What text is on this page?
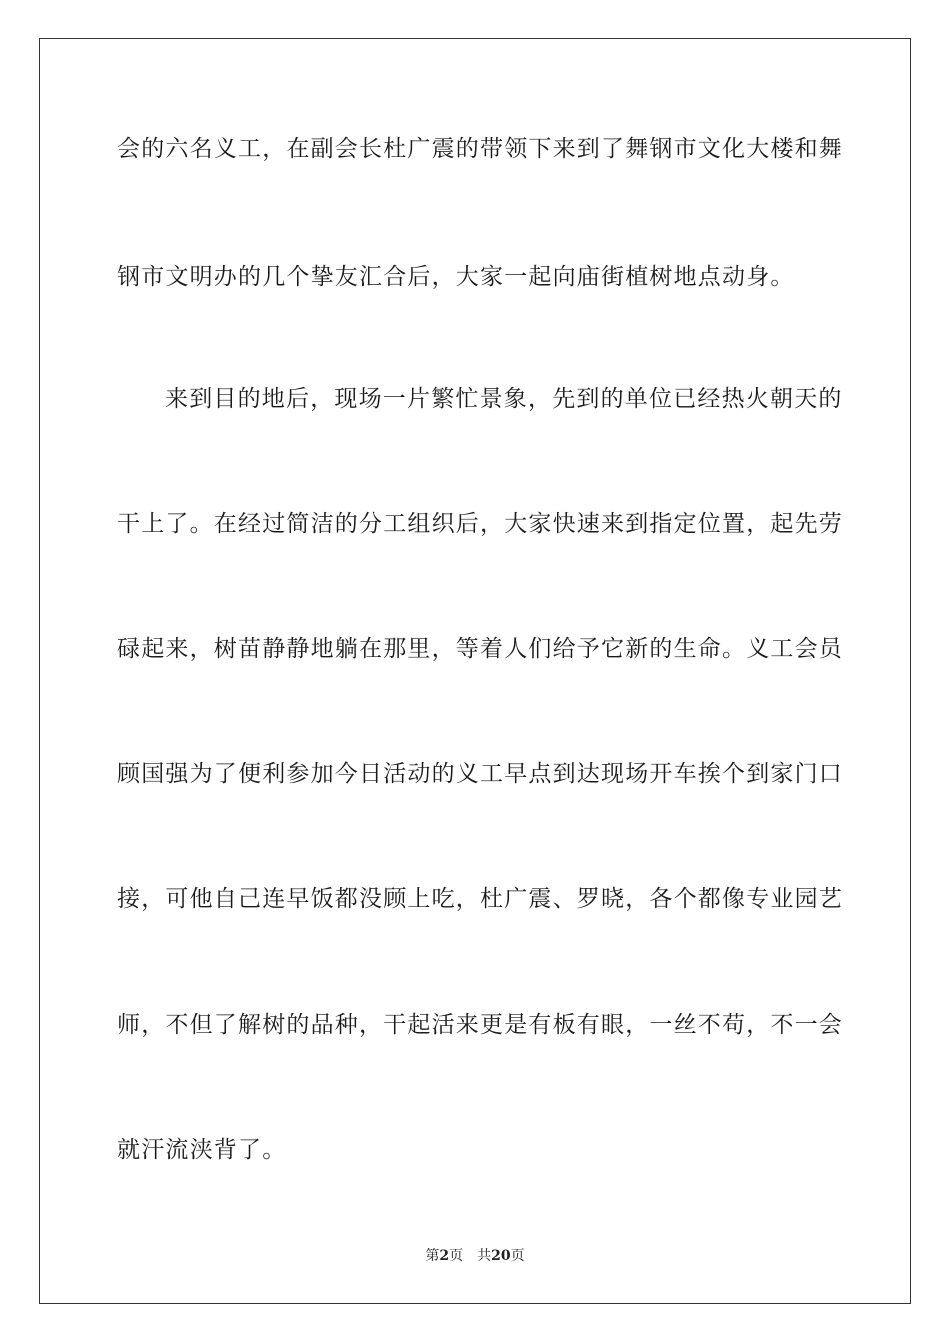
会的六名义工，在副会长杜广震的带领下来到了舞钢市文化大楼和舞
钢市文明办的几个挚友汇合后，大家一起向庙街植树地点动身。
来到目的地后，现场一片繁忙景象，先到的单位已经热火朝天的
干上了。在经过简洁的分工组织后，大家快速来到指定位置，起先劳
碌起来，树苗静静地躺在那里，等着人们给予它新的生命。义工会员
顾国强为了便利参加今日活动的义工早点到达现场开车挨个到家门口
接，可他自己连早饭都没顾上吃，杜广震、罗晓，各个都像专业园艺
师，不但了解树的品种，干起活来更是有板有眼，一丝不苟，不一会
就汗流浃背了。
第2页 共20页
